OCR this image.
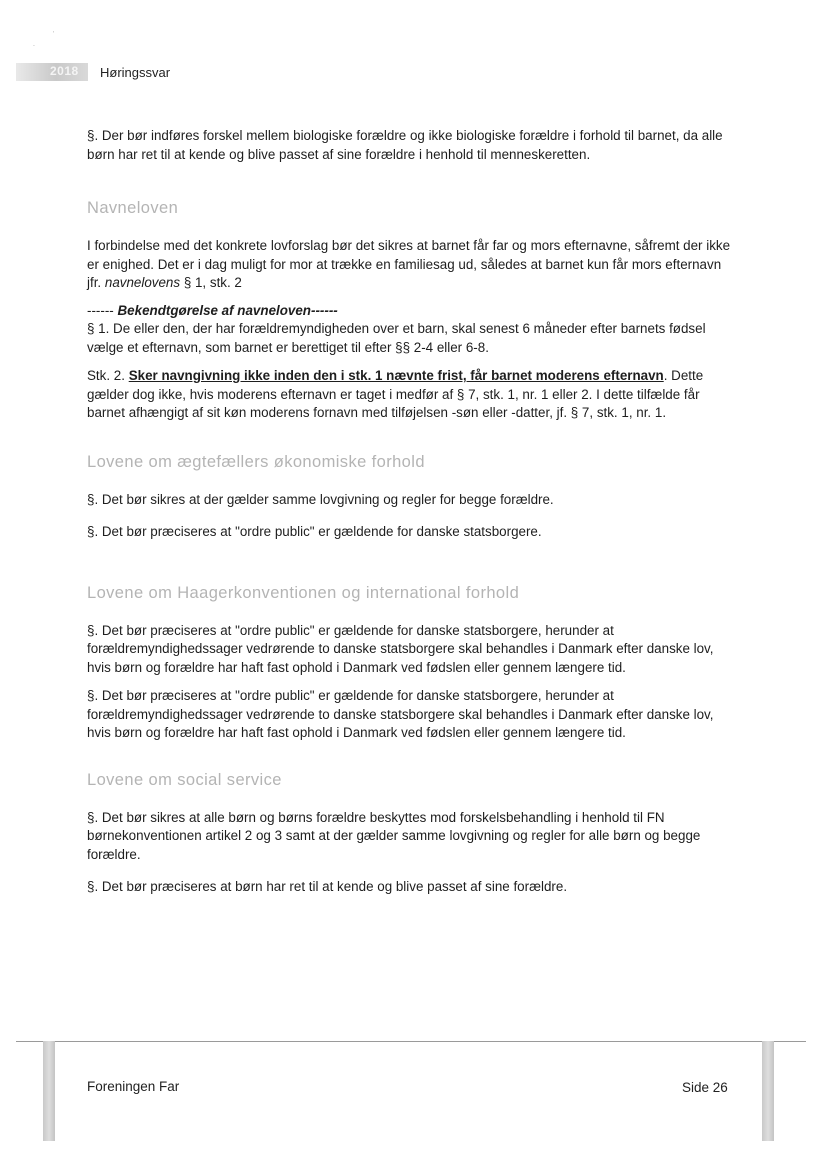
ʿ
˙
2018 Høringssvar

§. Der bør indføres forskel mellem biologiske forældre og ikke biologiske forældre i forhold til barnet, da alle børn har ret til at kende og blive passet af sine forældre i henhold til menneskeretten.

Navneloven

I forbindelse med det konkrete lovforslag bør det sikres at barnet får far og mors efternavne, såfremt der ikke er enighed. Det er i dag muligt for mor at trække en familiesag ud, således at barnet kun får mors efternavn jfr. navnelovens § 1, stk. 2

------ Bekendtgørelse af navneloven------

§ 1. De eller den, der har forældremyndigheden over et barn, skal senest 6 måneder efter barnets fødsel vælge et efternavn, som barnet er berettiget til efter §§ 2-4 eller 6-8.

Stk. 2. Sker navngivning ikke inden den i stk. 1 nævnte frist, får barnet moderens efternavn. Dette gælder dog ikke, hvis moderens efternavn er taget i medfør af § 7, stk. 1, nr. 1 eller 2. I dette tilfælde får barnet afhængigt af sit køn moderens fornavn med tilføjelsen -søn eller -datter, jf. § 7, stk. 1, nr. 1.

Lovene om ægtefællers økonomiske forhold

§. Det bør sikres at der gælder samme lovgivning og regler for begge forældre.

§. Det bør præciseres at "ordre public" er gældende for danske statsborgere.

Lovene om Haagerkonventionen og international forhold

§. Det bør præciseres at "ordre public" er gældende for danske statsborgere, herunder at forældremyndighedssager vedrørende to danske statsborgere skal behandles i Danmark efter danske lov, hvis børn og forældre har haft fast ophold i Danmark ved fødslen eller gennem længere tid.

§. Det bør præciseres at "ordre public" er gældende for danske statsborgere, herunder at forældremyndighedssager vedrørende to danske statsborgere skal behandles i Danmark efter danske lov, hvis børn og forældre har haft fast ophold i Danmark ved fødslen eller gennem længere tid.

Lovene om social service

§. Det bør sikres at alle børn og børns forældre beskyttes mod forskelsbehandling i henhold til FN børnekonventionen artikel 2 og 3 samt at der gælder samme lovgivning og regler for alle børn og begge forældre.

§. Det bør præciseres at børn har ret til at kende og blive passet af sine forældre.

Foreningen Far	Side 26
